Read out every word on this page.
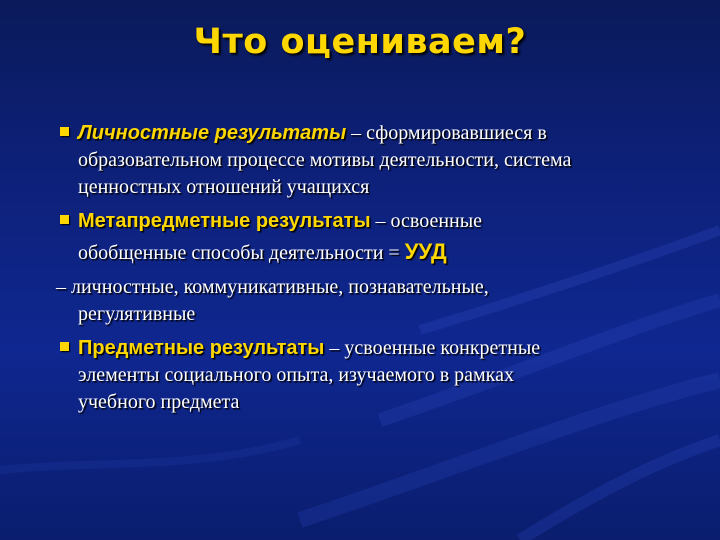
Что оцениваем?
Личностные результаты – сформировавшиеся в
образовательном процессе мотивы деятельности, система
ценностных отношений учащихся
Метапредметные результаты – освоенные
обобщенные способы деятельности = УУД
– личностные, коммуникативные, познавательные,
регулятивные
Предметные результаты – усвоенные конкретные
элементы социального опыта, изучаемого в рамках
учебного предмета
